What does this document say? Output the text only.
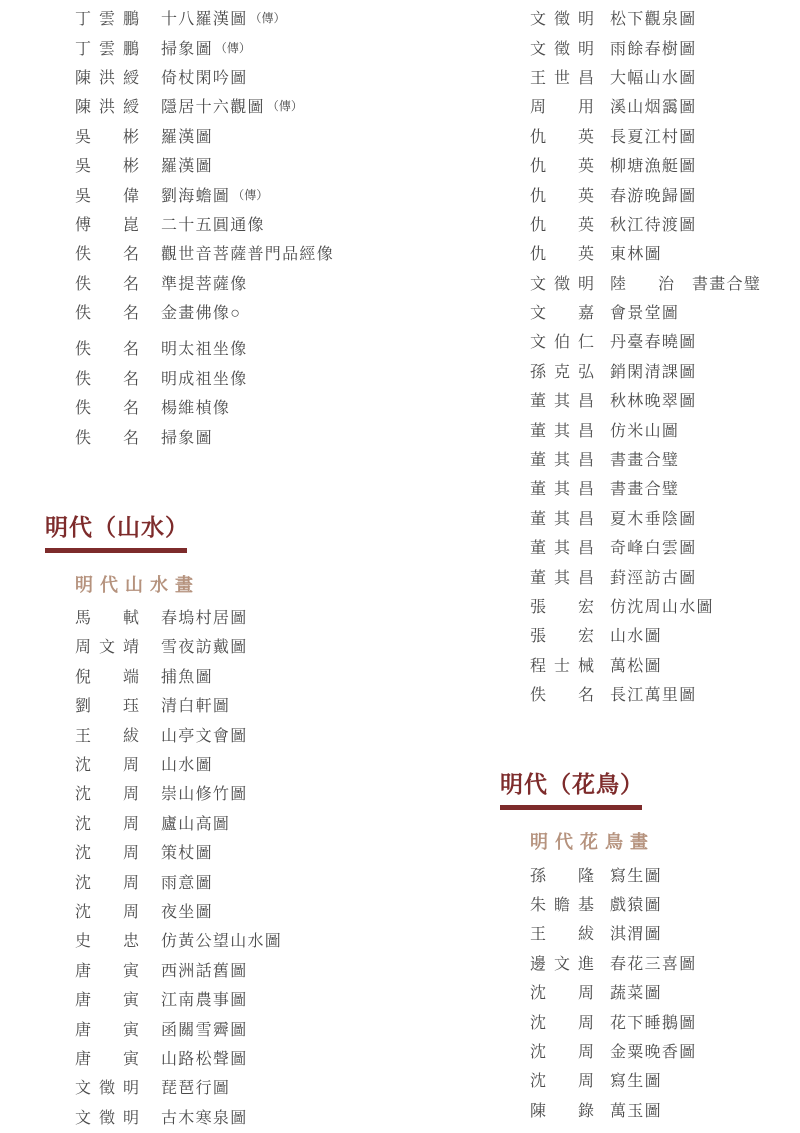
丁雲鵬 十八羅漢圖 （傳）
丁雲鵬 掃象圖 （傳）
陳洪綬 倚杖閑吟圖
陳洪綬 隱居十六觀圖 （傳）
吳彬 羅漢圖
吳彬 羅漢圖
吳偉 劉海蟾圖 （傳）
傅崑 二十五圓通像
佚名 觀世音菩薩普門品經像
佚名 準提菩薩像
佚名 金畫佛像○
佚名 明太祖坐像
佚名 明成祖坐像
佚名 楊維楨像
佚名 掃象圖
明代（山水）
明代山水畫
馬軾 春塢村居圖
周文靖 雪夜訪戴圖
倪端 捕魚圖
劉珏 清白軒圖
王紱 山亭文會圖
沈周 山水圖
沈周 崇山修竹圖
沈周 廬山高圖
沈周 策杖圖
沈周 雨意圖
沈周 夜坐圖
史忠 仿黃公望山水圖
唐寅 西洲話舊圖
唐寅 江南農事圖
唐寅 函關雪霽圖
唐寅 山路松聲圖
文徵明 琵琶行圖
文徵明 古木寒泉圖
文徵明 松下觀泉圖
文徵明 雨餘春樹圖
王世昌 大幅山水圖
周用 溪山烟靄圖
仇英 長夏江村圖
仇英 柳塘漁艇圖
仇英 春游晚歸圖
仇英 秋江待渡圖
仇英 東林圖
文徵明 陸治 書畫合璧
文嘉 會景堂圖
文伯仁 丹臺春曉圖
孫克弘 銷閑清課圖
董其昌 秋林晚翠圖
董其昌 仿米山圖
董其昌 書畫合璧
董其昌 書畫合璧
董其昌 夏木垂陰圖
董其昌 奇峰白雲圖
董其昌 葑涇訪古圖
張宏 仿沈周山水圖
張宏 山水圖
程士械 萬松圖
佚名 長江萬里圖
明代（花鳥）
明代花鳥畫
孫隆 寫生圖
朱瞻基 戲猿圖
王紱 淇渭圖
邊文進 春花三喜圖
沈周 蔬菜圖
沈周 花下睡鵝圖
沈周 金粟晚香圖
沈周 寫生圖
陳錄 萬玉圖
